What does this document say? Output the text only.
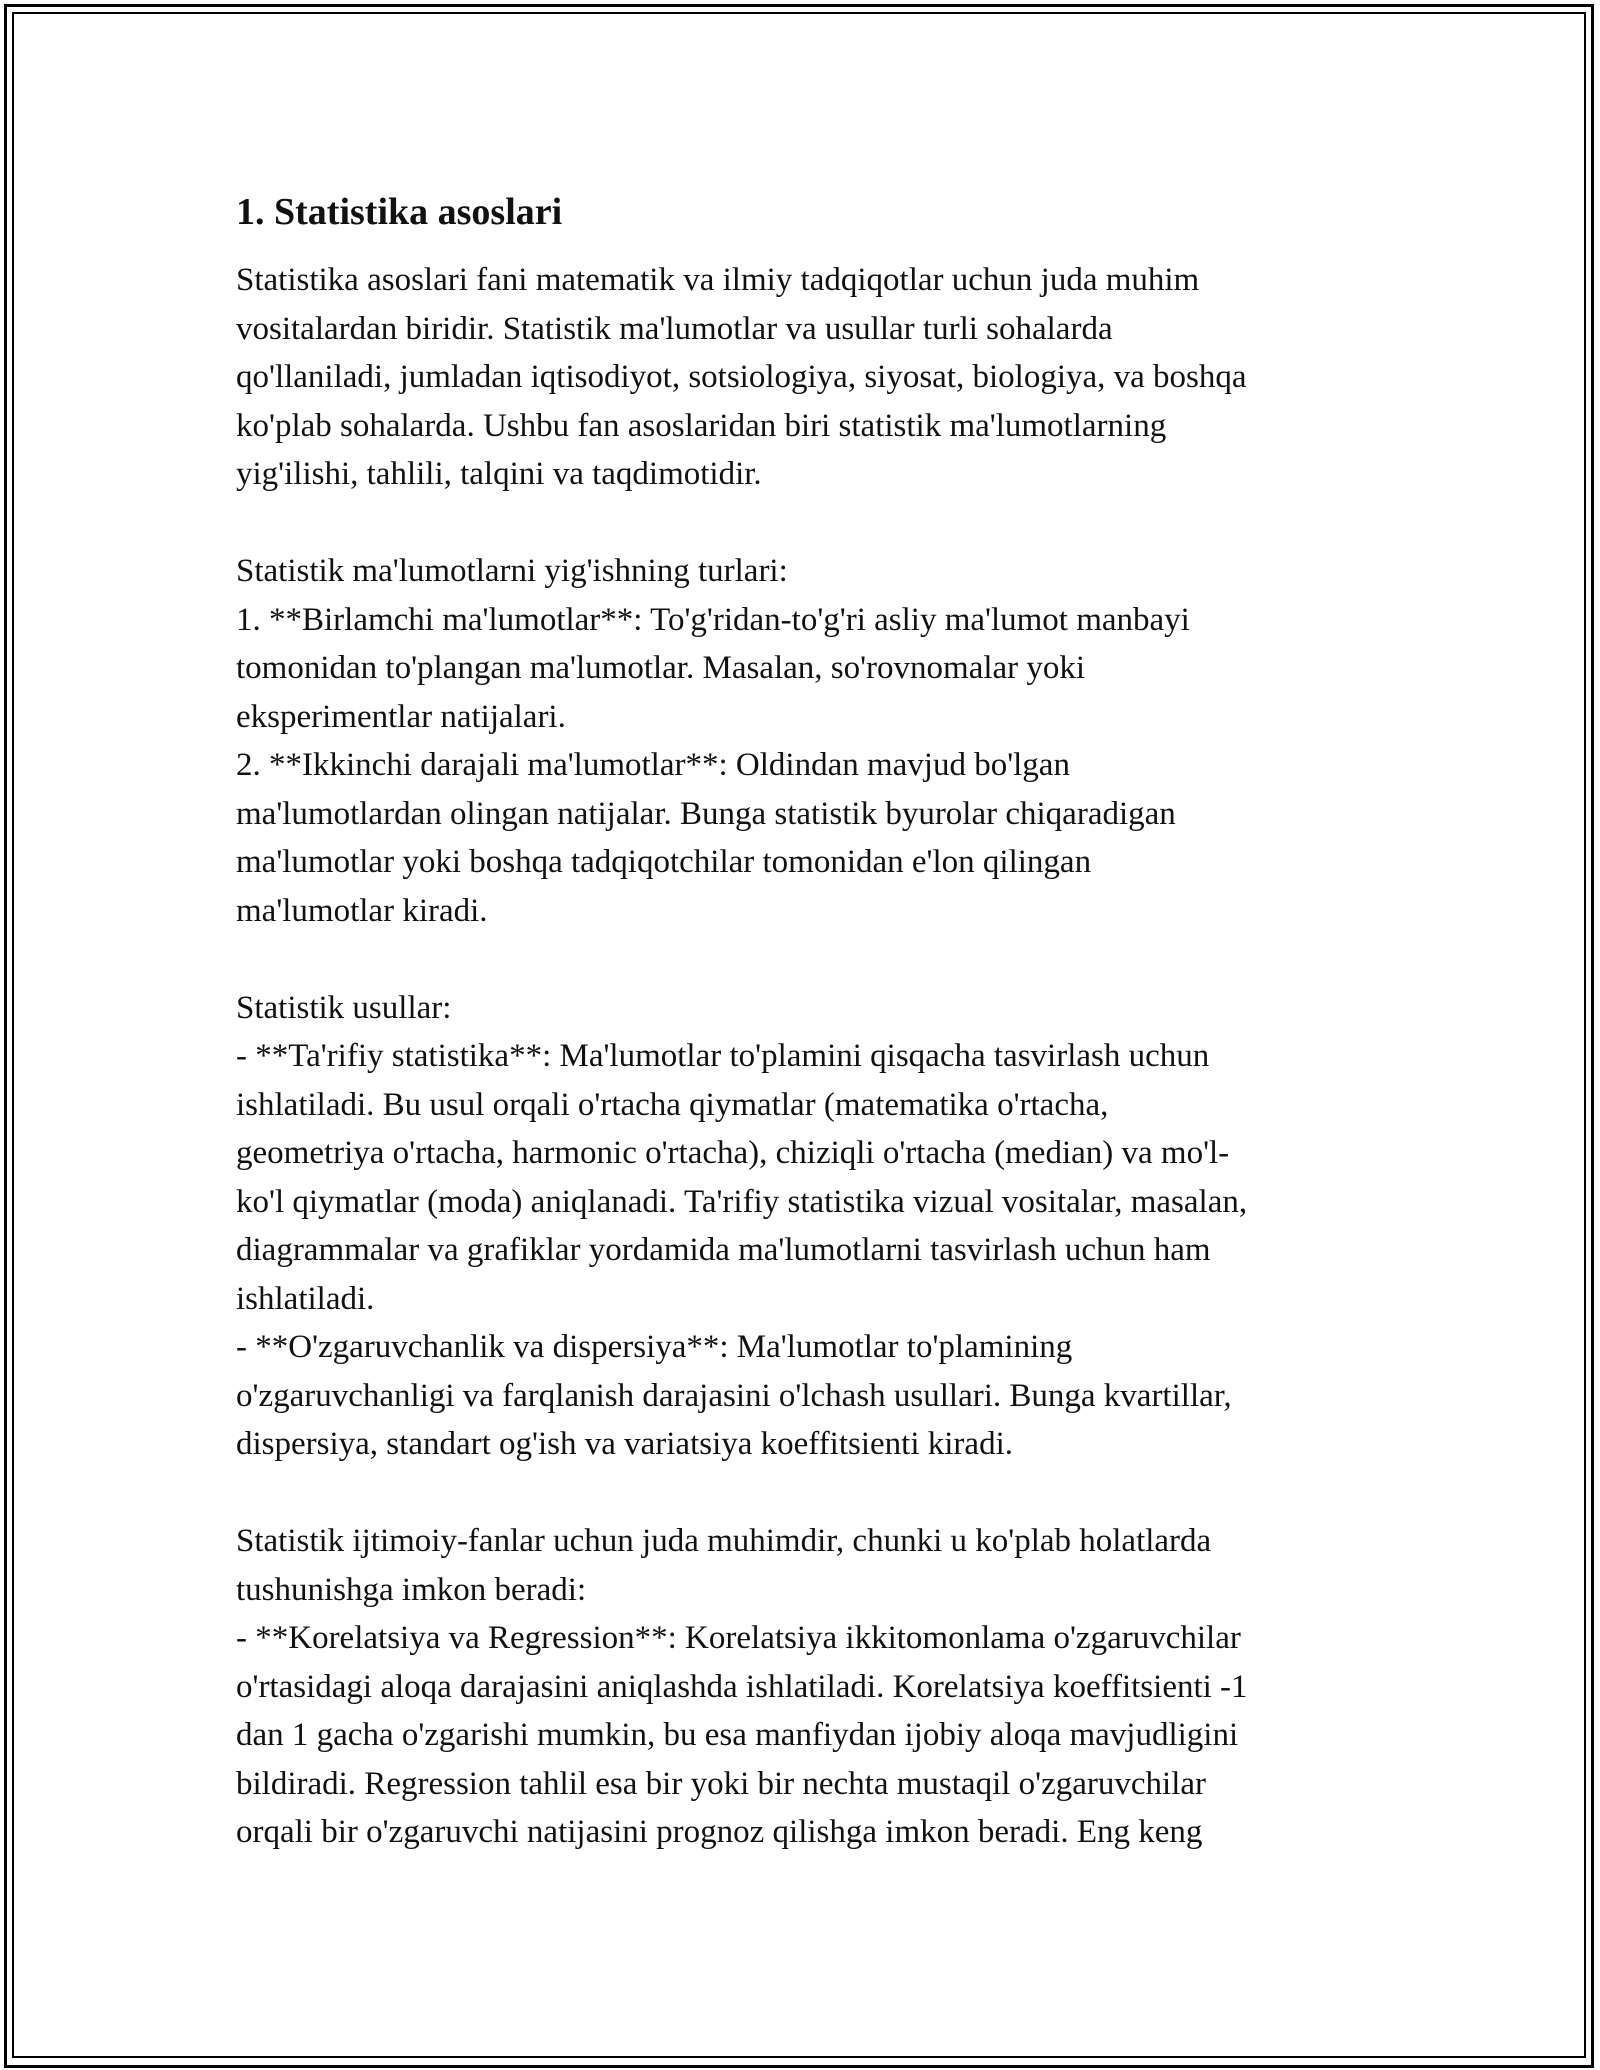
1. Statistika asoslari

Statistika asoslari fani matematik va ilmiy tadqiqotlar uchun juda muhim
vositalardan biridir. Statistik ma'lumotlar va usullar turli sohalarda
qo'llaniladi, jumladan iqtisodiyot, sotsiologiya, siyosat, biologiya, va boshqa
ko'plab sohalarda. Ushbu fan asoslaridan biri statistik ma'lumotlarning
yig'ilishi, tahlili, talqini va taqdimotidir.

Statistik ma'lumotlarni yig'ishning turlari:
1. **Birlamchi ma'lumotlar**: To'g'ridan-to'g'ri asliy ma'lumot manbayi
tomonidan to'plangan ma'lumotlar. Masalan, so'rovnomalar yoki
eksperimentlar natijalari.
2. **Ikkinchi darajali ma'lumotlar**: Oldindan mavjud bo'lgan
ma'lumotlardan olingan natijalar. Bunga statistik byurolar chiqaradigan
ma'lumotlar yoki boshqa tadqiqotchilar tomonidan e'lon qilingan
ma'lumotlar kiradi.

Statistik usullar:
- **Ta'rifiy statistika**: Ma'lumotlar to'plamini qisqacha tasvirlash uchun
ishlatiladi. Bu usul orqali o'rtacha qiymatlar (matematika o'rtacha,
geometriya o'rtacha, harmonic o'rtacha), chiziqli o'rtacha (median) va mo'l-
ko'l qiymatlar (moda) aniqlanadi. Ta'rifiy statistika vizual vositalar, masalan,
diagrammalar va grafiklar yordamida ma'lumotlarni tasvirlash uchun ham
ishlatiladi.
- **O'zgaruvchanlik va dispersiya**: Ma'lumotlar to'plamining
o'zgaruvchanligi va farqlanish darajasini o'lchash usullari. Bunga kvartillar,
dispersiya, standart og'ish va variatsiya koeffitsienti kiradi.

Statistik ijtimoiy-fanlar uchun juda muhimdir, chunki u ko'plab holatlarda
tushunishga imkon beradi:
- **Korelatsiya va Regression**: Korelatsiya ikkitomonlama o'zgaruvchilar
o'rtasidagi aloqa darajasini aniqlashda ishlatiladi. Korelatsiya koeffitsienti -1
dan 1 gacha o'zgarishi mumkin, bu esa manfiydan ijobiy aloqa mavjudligini
bildiradi. Regression tahlil esa bir yoki bir nechta mustaqil o'zgaruvchilar
orqali bir o'zgaruvchi natijasini prognoz qilishga imkon beradi. Eng keng
